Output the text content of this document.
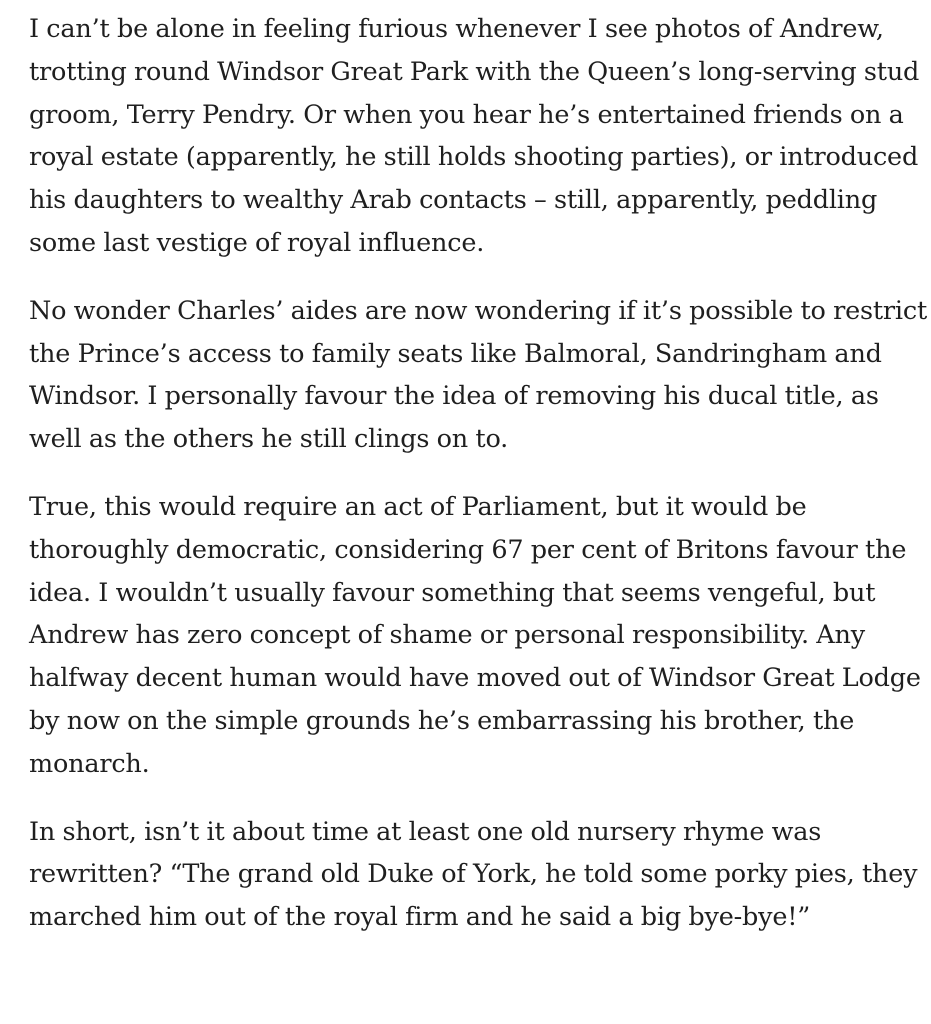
I can’t be alone in feeling furious whenever I see photos of Andrew, trotting round Windsor Great Park with the Queen’s long-serving stud groom, Terry Pendry. Or when you hear he’s entertained friends on a royal estate (apparently, he still holds shooting parties), or introduced his daughters to wealthy Arab contacts – still, apparently, peddling some last vestige of royal influence.

No wonder Charles’ aides are now wondering if it’s possible to restrict the Prince’s access to family seats like Balmoral, Sandringham and Windsor. I personally favour the idea of removing his ducal title, as well as the others he still clings on to.

True, this would require an act of Parliament, but it would be thoroughly democratic, considering 67 per cent of Britons favour the idea. I wouldn’t usually favour something that seems vengeful, but Andrew has zero concept of shame or personal responsibility. Any halfway decent human would have moved out of Windsor Great Lodge by now on the simple grounds he’s embarrassing his brother, the monarch.

In short, isn’t it about time at least one old nursery rhyme was rewritten? “The grand old Duke of York, he told some porky pies, they marched him out of the royal firm and he said a big bye-bye!”
